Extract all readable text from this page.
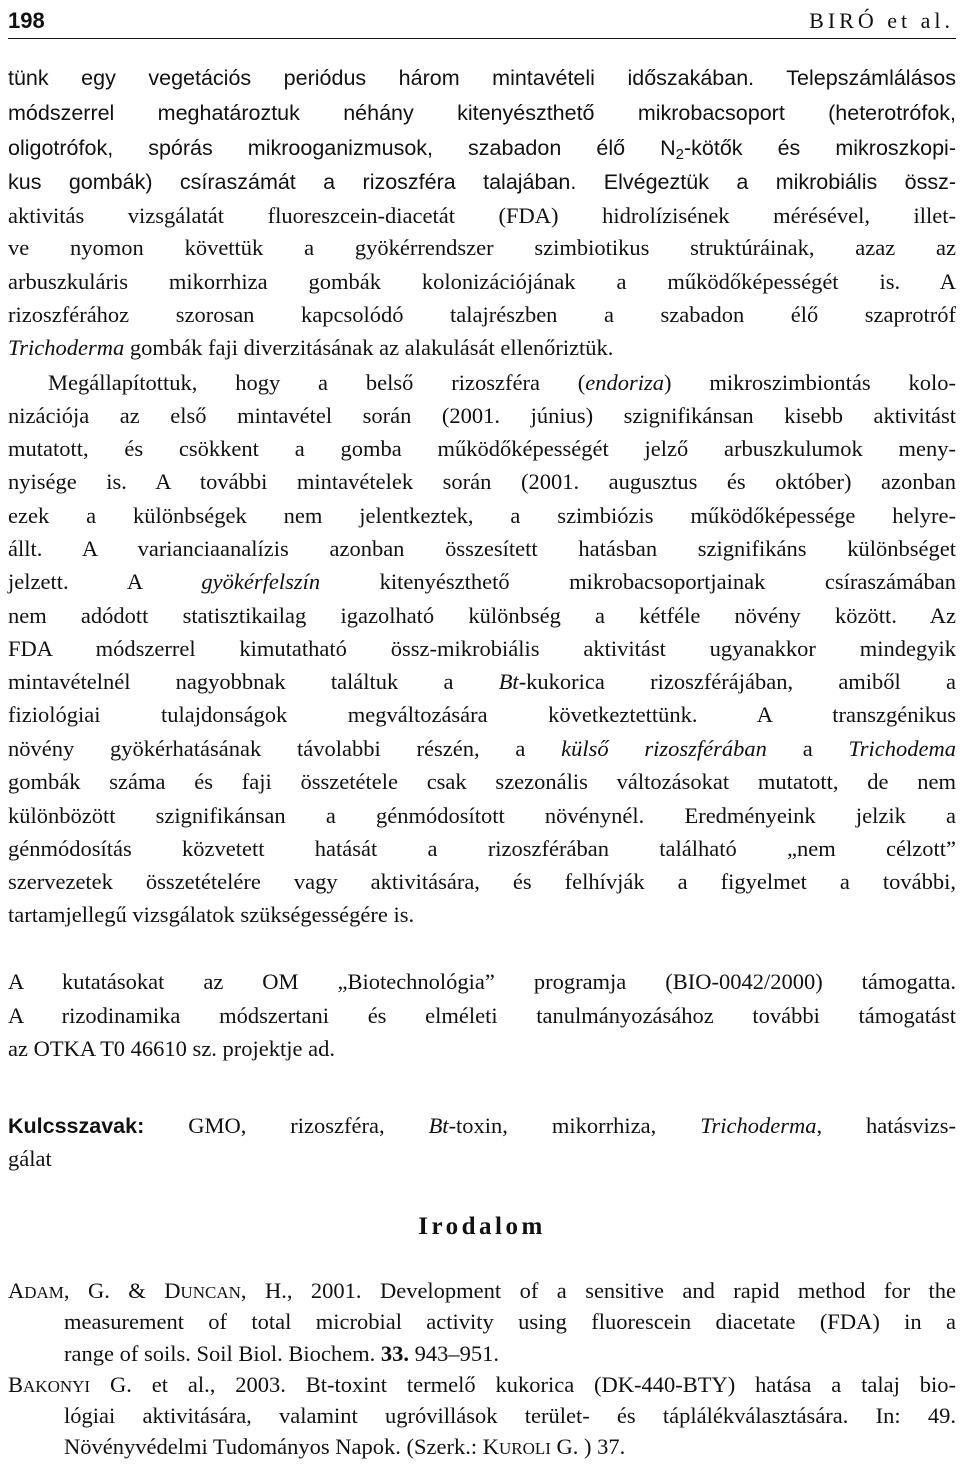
198	BIRÓ et al.
tünk egy vegetációs periódus három mintavételi időszakában. Telepszámlálásos
módszerrel meghatároztuk néhány kitenyészthető mikrobacsoport (heterotrófok,
oligotrófok, spórás mikrooganizmusok, szabadon élő $N_2$-kötők és mikroszkopi-
kus gombák) csíraszámát a rizoszféra talajában. Elvégeztük a mikrobiális össz-
aktivitás vizsgálatát fluoreszcein-diacetát (FDA) hidrolízisének mérésével, illet-
ve nyomon követtük a gyökérrendszer szimbiotikus struktúráinak, azaz az
arbuszkuláris mikorrhiza gombák kolonizációjának a működőképességét is. A
rizoszférához szorosan kapcsolódó talajrészben a szabadon élő szaprotróf
Trichoderma gombák faji diverzitásának az alakulását ellenőriztük.
Megállapítottuk, hogy a belső rizoszféra (endoriza) mikroszimbiontás kolo-
nizációja az első mintavétel során (2001. június) szignifikánsan kisebb aktivitást
mutatott, és csökkent a gomba működőképességét jelző arbuszkulumok meny-
nyisége is. A további mintavételek során (2001. augusztus és október) azonban
ezek a különbségek nem jelentkeztek, a szimbiózis működőképessége helyre-
állt. A varianciaanalízis azonban összesített hatásban szignifikáns különbséget
jelzett. A gyökérfelszín kitenyészthető mikrobacsoportjainak csíraszámában
nem adódott statisztikailag igazolható különbség a kétféle növény között. Az
FDA módszerrel kimutatható össz-mikrobiális aktivitást ugyanakkor mindegyik
mintavételnél nagyobbnak találtuk a Bt-kukorica rizoszférájában, amiből a
fiziológiai tulajdonságok megváltozására következtettünk. A transzgénikus
növény gyökérhatásának távolabbi részén, a külső rizoszférában a Trichodema
gombák száma és faji összetétele csak szezonális változásokat mutatott, de nem
különbözött szignifikánsan a génmódosított növénynél. Eredményeink jelzik a
génmódosítás közvetett hatását a rizoszférában található „nem célzott”
szervezetek összetételére vagy aktivitására, és felhívják a figyelmet a további,
tartamjellegű vizsgálatok szükségességére is.
A kutatásokat az OM „Biotechnológia” programja (BIO-0042/2000) támogatta.
A rizodinamika módszertani és elméleti tanulmányozásához további támogatást
az OTKA T0 46610 sz. projektje ad.
Kulcsszavak: GMO, rizoszféra, Bt-toxin, mikorrhiza, Trichoderma, hatásvizs-
gálat
Irodalom
ADAM, G. & DUNCAN, H., 2001. Development of a sensitive and rapid method for the
measurement of total microbial activity using fluorescein diacetate (FDA) in a
range of soils. Soil Biol. Biochem. 33. 943–951.
BAKONYI G. et al., 2003. Bt-toxint termelő kukorica (DK-440-BTY) hatása a talaj bio-
lógiai aktivitására, valamint ugróvillások terület- és táplálékválasztására. In: 49.
Növényvédelmi Tudományos Napok. (Szerk.: KUROLI G. ) 37.
